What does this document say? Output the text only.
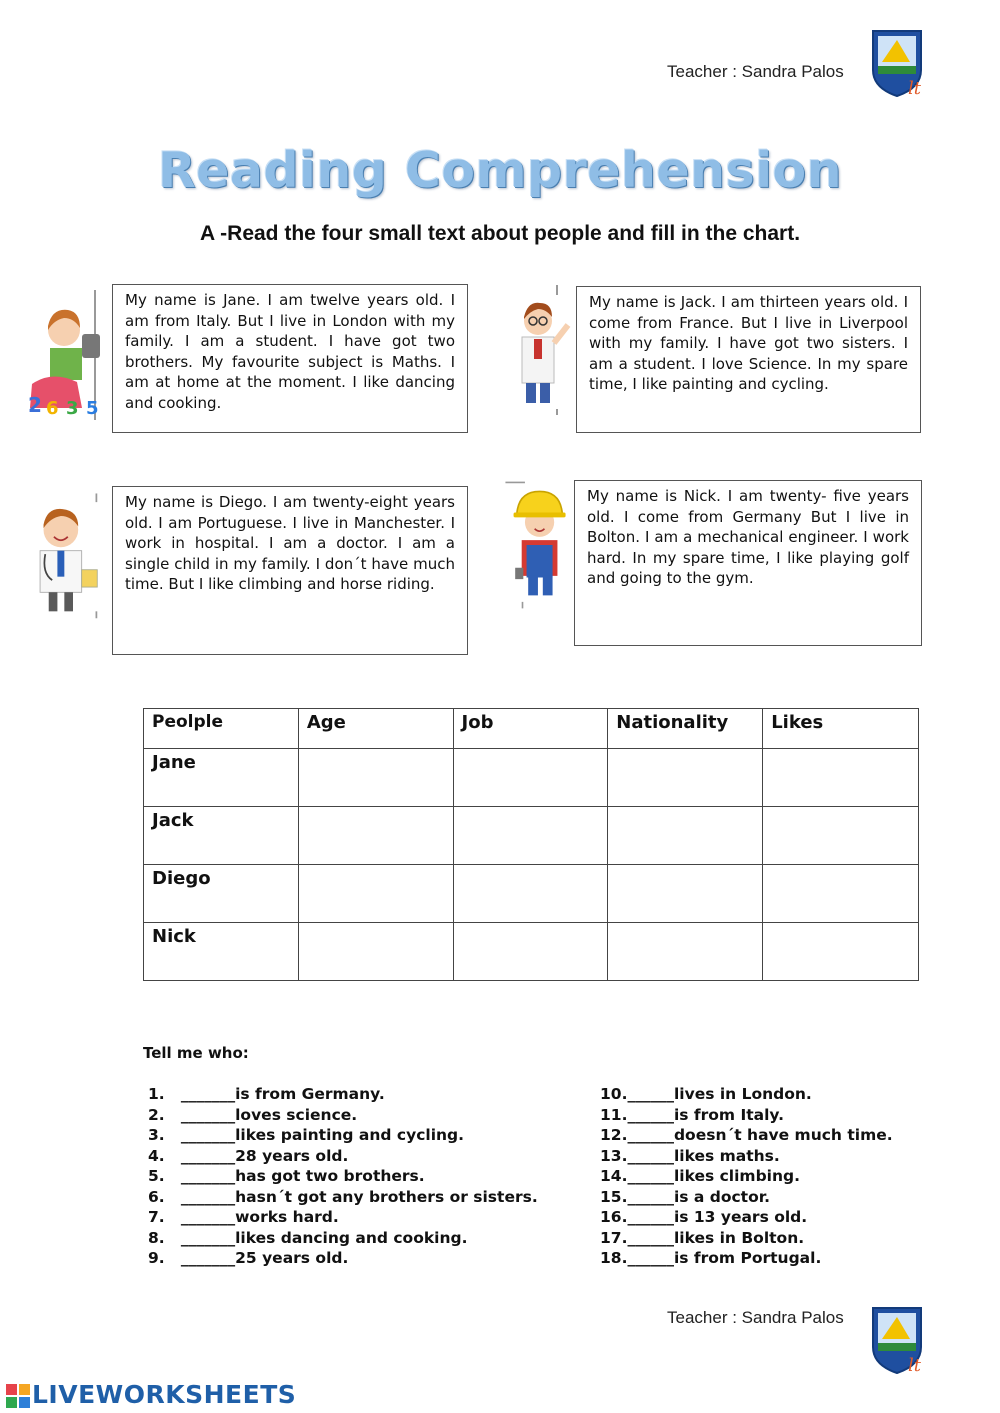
Teacher : Sandra Palos
lt
Reading Comprehension
A -Read the four small text about people and fill in the chart.
2 6 3 5
My name is Jane. I am twelve years old. I am from Italy. But I live in London with my family. I am a student. I have got two brothers. My favourite subject is Maths. I am at home at the moment. I like dancing and cooking.
My name is Jack. I am thirteen years old. I come from France. But I live in Liverpool with my family. I have got two sisters. I am a student. I love Science. In my spare time, I like painting and cycling.
My name is Diego. I am twenty-eight years old. I am Portuguese. I live in Manchester. I work in hospital. I am a doctor. I am a single child in my family. I don´t have much time. But I like climbing and horse riding.
My name is Nick. I am twenty- five years old. I come from Germany But I live in Bolton. I am a mechanical engineer. I work hard. In my spare time, I like playing golf and going to the gym.
Peolple	Age	Job	Nationality	Likes
Jane				
Jack				
Diego				
Nick				
Tell me who:
1.   _______is from Germany.
2.   _______loves science.
3.   _______likes painting and cycling.
4.   _______28 years old.
5.   _______has got two brothers.
6.   _______hasn´t got any brothers or sisters.
7.   _______works hard.
8.   _______likes dancing and cooking.
9.   _______25 years old.
10.______lives in London.
11.______is from Italy.
12.______doesn´t have much time.
13.______likes maths.
14.______likes climbing.
15.______is a doctor.
16.______is 13 years old.
17.______likes in Bolton.
18.______is from Portugal.
Teacher : Sandra Palos
lt
LIVEWORKSHEETS
